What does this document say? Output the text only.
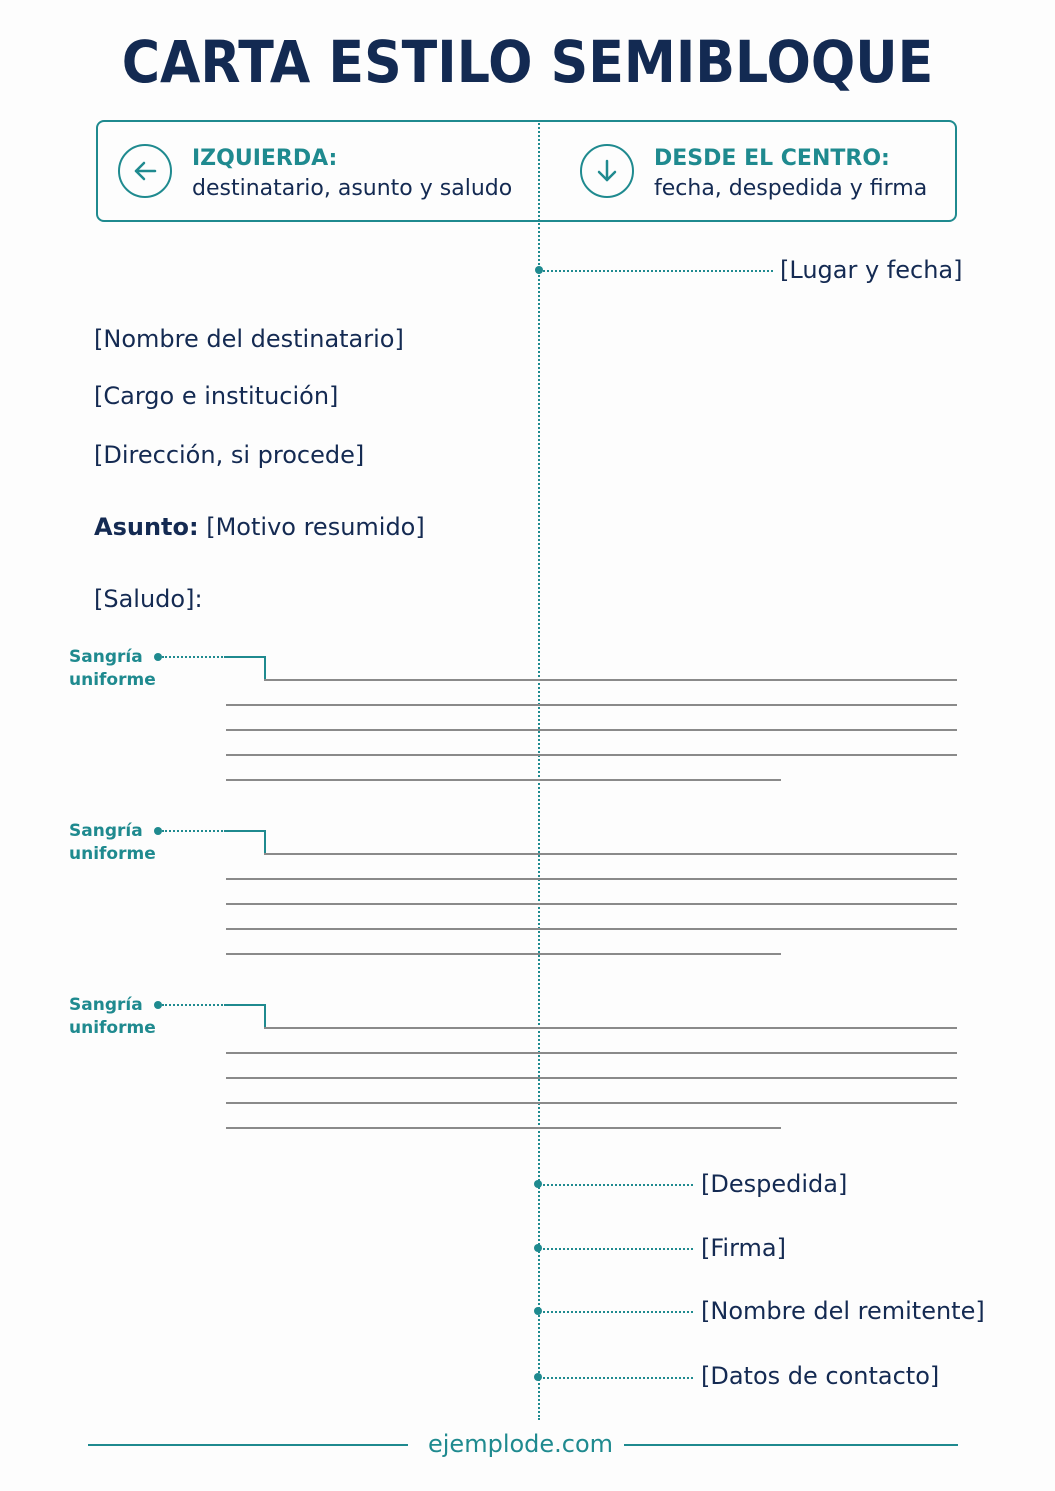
CARTA ESTILO SEMIBLOQUE
IZQUIERDA:
destinatario, asunto y saludo
DESDE EL CENTRO:
fecha, despedida y firma
[Lugar y fecha]
[Nombre del destinatario]
[Cargo e institución]
[Dirección, si procede]
Asunto: [Motivo resumido]
[Saludo]:
Sangría
uniforme
Sangría
uniforme
Sangría
uniforme
[Despedida]
[Firma]
[Nombre del remitente]
[Datos de contacto]
ejemplode.com
